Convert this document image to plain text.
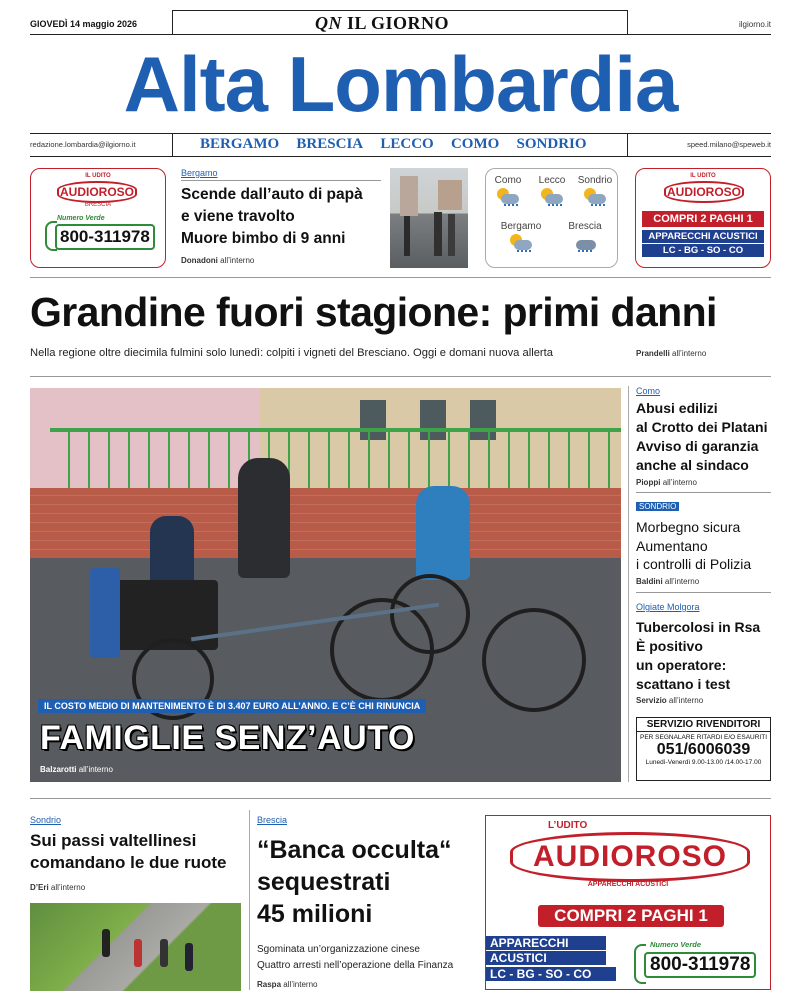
GIOVEDÌ 14 maggio 2026	QN IL GIORNO	ilgiorno.it
Alta Lombardia
redazione.lombardia@ilgiorno.it	speed.milano@speweb.it
BERGAMO BRESCIA LECCO COMO SONDRIO
IL UDITO
AUDIOROSO
BRESCIA
Numero Verde
800-311978
Bergamo
Scende dall’auto di papà
e viene travolto
Muore bimbo di 9 anni
Donadoni all’interno
Como	Lecco	Sondrio
Bergamo	Brescia
IL UDITO
AUDIOROSO
COMPRI 2 PAGHI 1
APPARECCHI ACUSTICI
LC - BG - SO - CO
Grandine fuori stagione: primi danni
Nella regione oltre diecimila fulmini solo lunedì: colpiti i vigneti del Bresciano. Oggi e domani nuova allerta	Prandelli all’interno
IL COSTO MEDIO DI MANTENIMENTO È DI 3.407 EURO ALL’ANNO. E C’È CHI RINUNCIA
FAMIGLIE SENZ’AUTO
Balzarotti all’interno
Como
Abusi edilizi
al Crotto dei Platani
Avviso di garanzia
anche al sindaco
Pioppi all’interno
SONDRIO
Morbegno sicura
Aumentano
i controlli di Polizia
Baldini all’interno
Olgiate Molgora
Tubercolosi in Rsa
È positivo
un operatore:
scattano i test
Servizio all’interno
SERVIZIO RIVENDITORI
PER SEGNALARE RITARDI E/O ESAURITI
051/6006039
Lunedì-Venerdì 9.00-13.00 /14.00-17.00
Sondrio
Sui passi valtellinesi
comandano le due ruote
D’Eri all’interno
Brescia
“Banca occulta“
sequestrati
45 milioni
Sgominata un’organizzazione cinese
Quattro arresti nell’operazione della Finanza
Raspa all’interno
L’UDITO
AUDIOROSO
APPARECCHI ACUSTICI
COMPRI 2 PAGHI 1
APPARECCHI
ACUSTICI
LC - BG - SO - CO
Numero Verde
800-311978
